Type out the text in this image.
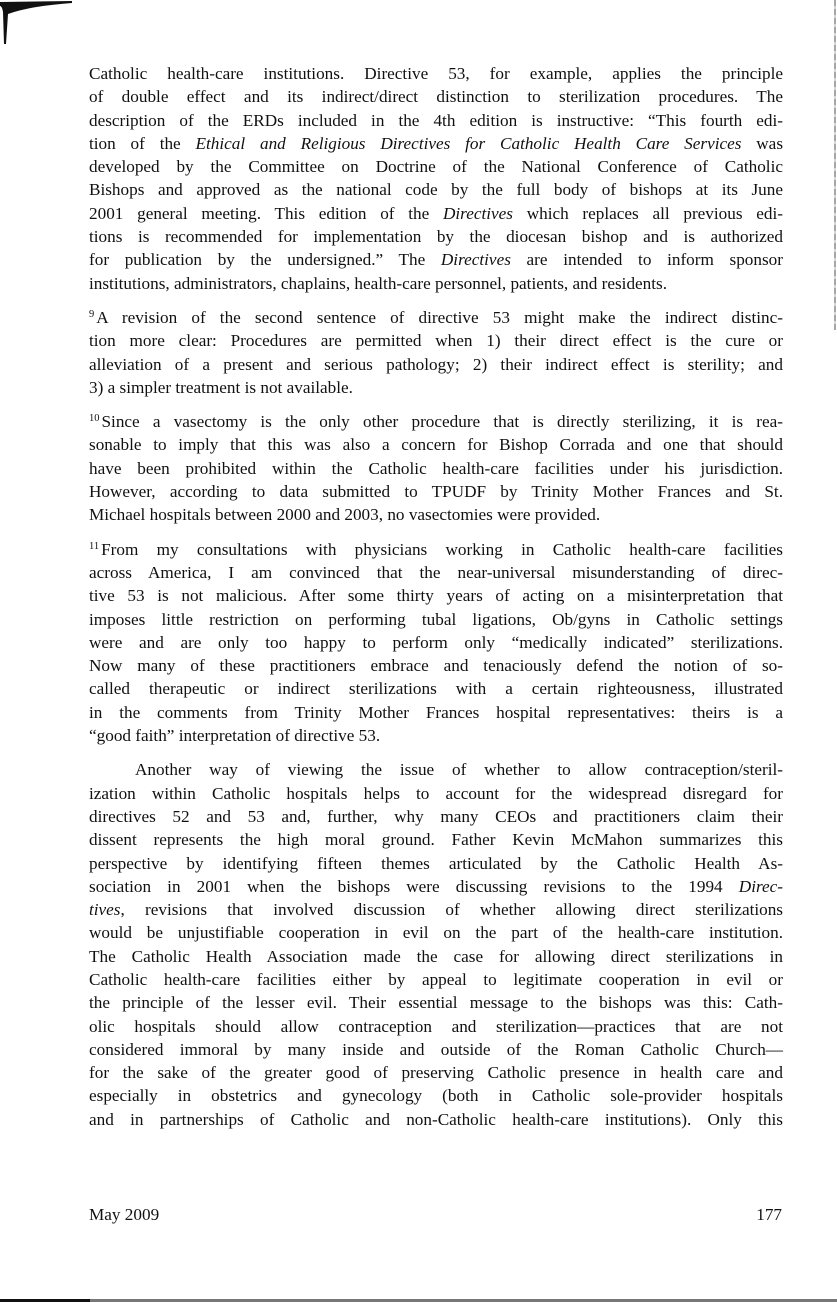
Catholic health-care institutions. Directive 53, for example, applies the principle
of double effect and its indirect/direct distinction to sterilization procedures. The
description of the ERDs included in the 4th edition is instructive: “This fourth edi-
tion of the Ethical and Religious Directives for Catholic Health Care Services was
developed by the Committee on Doctrine of the National Conference of Catholic
Bishops and approved as the national code by the full body of bishops at its June
2001 general meeting. This edition of the Directives which replaces all previous edi-
tions is recommended for implementation by the diocesan bishop and is authorized
for publication by the undersigned.” The Directives are intended to inform sponsor
institutions, administrators, chaplains, health-care personnel, patients, and residents.
$^9$ A revision of the second sentence of directive 53 might make the indirect distinc-
tion more clear: Procedures are permitted when 1) their direct effect is the cure or
alleviation of a present and serious pathology; 2) their indirect effect is sterility; and
3) a simpler treatment is not available.
$^{10}$ Since a vasectomy is the only other procedure that is directly sterilizing, it is rea-
sonable to imply that this was also a concern for Bishop Corrada and one that should
have been prohibited within the Catholic health-care facilities under his jurisdiction.
However, according to data submitted to TPUDF by Trinity Mother Frances and St.
Michael hospitals between 2000 and 2003, no vasectomies were provided.
$^{11}$ From my consultations with physicians working in Catholic health-care facilities
across America, I am convinced that the near-universal misunderstanding of direc-
tive 53 is not malicious. After some thirty years of acting on a misinterpretation that
imposes little restriction on performing tubal ligations, Ob/gyns in Catholic settings
were and are only too happy to perform only “medically indicated” sterilizations.
Now many of these practitioners embrace and tenaciously defend the notion of so-
called therapeutic or indirect sterilizations with a certain righteousness, illustrated
in the comments from Trinity Mother Frances hospital representatives: theirs is a
“good faith” interpretation of directive 53.
Another way of viewing the issue of whether to allow contraception/steril-
ization within Catholic hospitals helps to account for the widespread disregard for
directives 52 and 53 and, further, why many CEOs and practitioners claim their
dissent represents the high moral ground. Father Kevin McMahon summarizes this
perspective by identifying fifteen themes articulated by the Catholic Health As-
sociation in 2001 when the bishops were discussing revisions to the 1994 Direc-
tives, revisions that involved discussion of whether allowing direct sterilizations
would be unjustifiable cooperation in evil on the part of the health-care institution.
The Catholic Health Association made the case for allowing direct sterilizations in
Catholic health-care facilities either by appeal to legitimate cooperation in evil or
the principle of the lesser evil. Their essential message to the bishops was this: Cath-
olic hospitals should allow contraception and sterilization—practices that are not
considered immoral by many inside and outside of the Roman Catholic Church—
for the sake of the greater good of preserving Catholic presence in health care and
especially in obstetrics and gynecology (both in Catholic sole-provider hospitals
and in partnerships of Catholic and non-Catholic health-care institutions). Only this
May 2009	177
